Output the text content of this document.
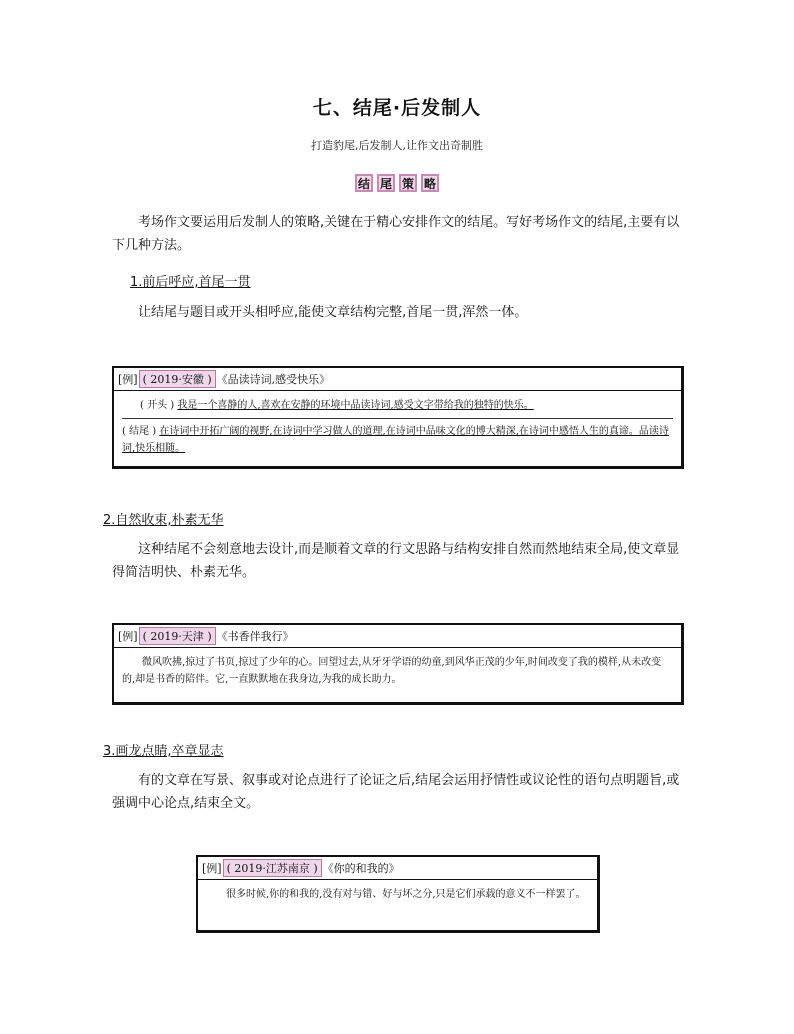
七、结尾·后发制人
打造豹尾,后发制人,让作文出奇制胜
结 尾 策 略
考场作文要运用后发制人的策略,关键在于精心安排作文的结尾。写好考场作文的结尾,主要有以下几种方法。
1.前后呼应,首尾一贯
让结尾与题目或开头相呼应,能使文章结构完整,首尾一贯,浑然一体。
[例] ( 2019·安徽 ) 《品读诗词,感受快乐》
( 开头 ) 我是一个喜静的人,喜欢在安静的环境中品读诗词,感受文字带给我的独特的快乐。
( 结尾 ) 在诗词中开拓广阔的视野,在诗词中学习做人的道理,在诗词中品味文化的博大精深,在诗词中感悟人生的真谛。品读诗词,快乐相随。
2.自然收束,朴素无华
这种结尾不会刻意地去设计,而是顺着文章的行文思路与结构安排自然而然地结束全局,使文章显得简洁明快、朴素无华。
[例] ( 2019·天津 ) 《书香伴我行》
微风吹拂,掠过了书页,掠过了少年的心。回望过去,从牙牙学语的幼童,到风华正茂的少年,时间改变了我的模样,从未改变的,却是书香的陪伴。它,一直默默地在我身边,为我的成长助力。
3.画龙点睛,卒章显志
有的文章在写景、叙事或对论点进行了论证之后,结尾会运用抒情性或议论性的语句点明题旨,或强调中心论点,结束全文。
[例] ( 2019·江苏南京 ) 《你的和我的》
很多时候,你的和我的,没有对与错、好与坏之分,只是它们承载的意义不一样罢了。
